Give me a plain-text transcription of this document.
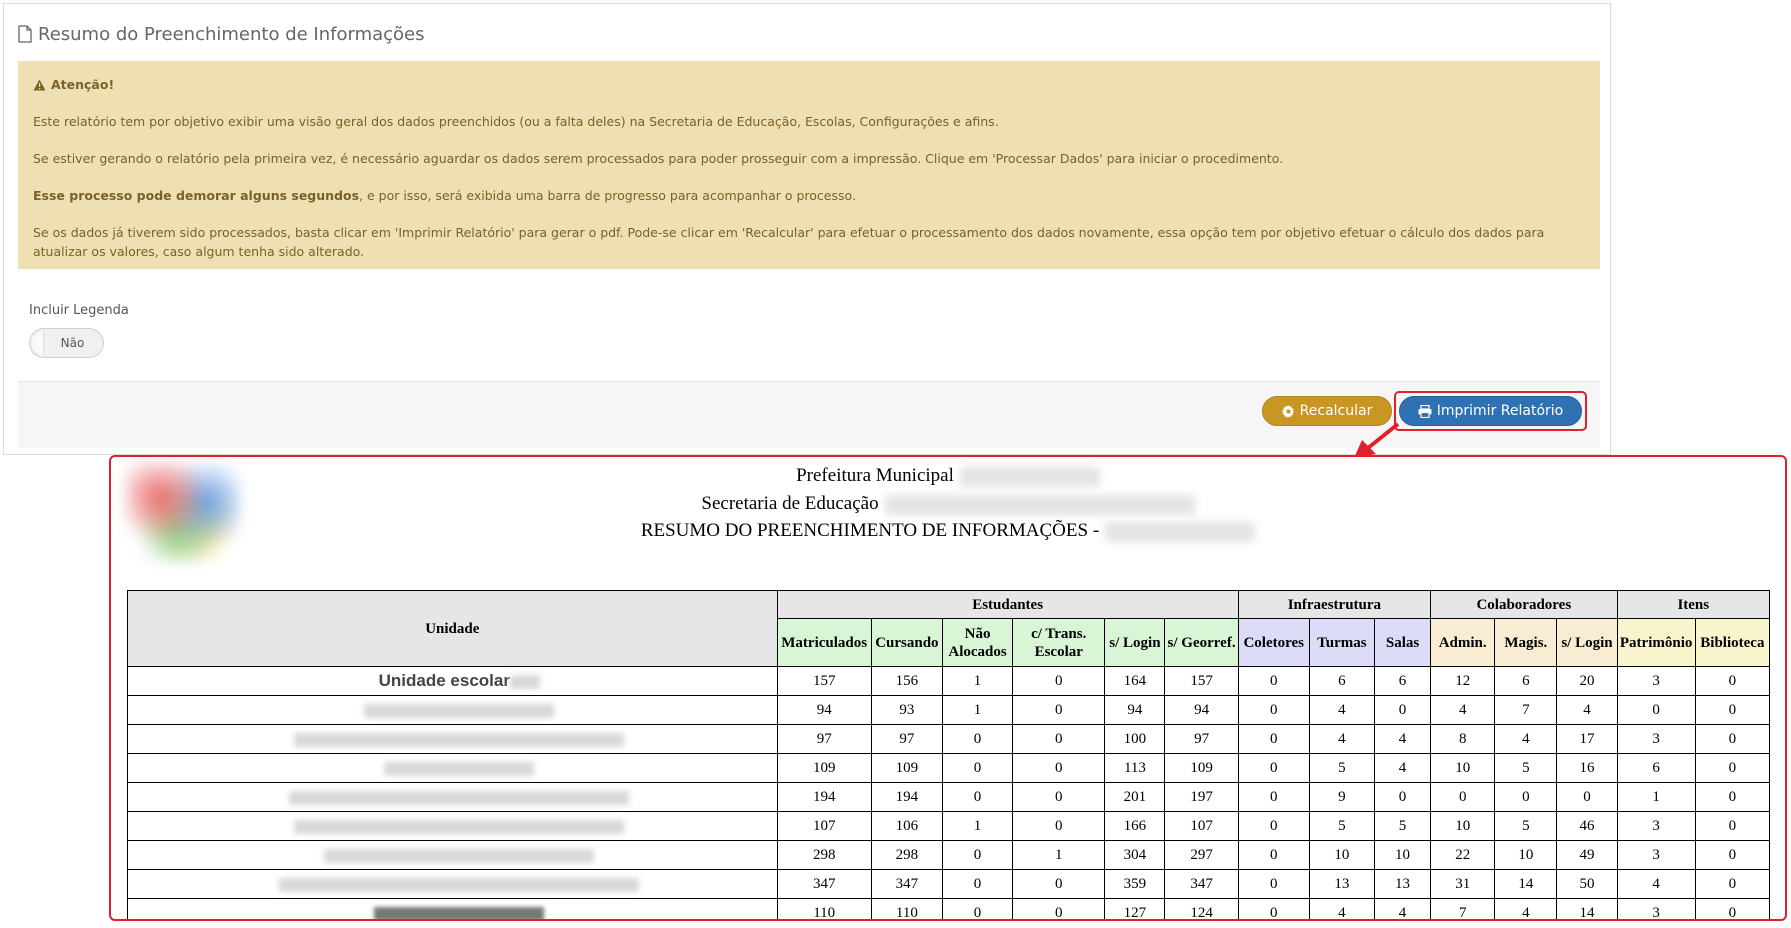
Resumo do Preenchimento de Informações
Atenção!

Este relatório tem por objetivo exibir uma visão geral dos dados preenchidos (ou a falta deles) na Secretaria de Educação, Escolas, Configurações e afins.

Se estiver gerando o relatório pela primeira vez, é necessário aguardar os dados serem processados para poder prosseguir com a impressão. Clique em 'Processar Dados' para iniciar o procedimento.

Esse processo pode demorar alguns segundos, e por isso, será exibida uma barra de progresso para acompanhar o processo.

Se os dados já tiverem sido processados, basta clicar em 'Imprimir Relatório' para gerar o pdf. Pode-se clicar em 'Recalcular' para efetuar o processamento dos dados novamente, essa opção tem por objetivo efetuar o cálculo dos dados para atualizar os valores, caso algum tenha sido alterado.

Incluir Legenda
Não
Recalcular	Imprimir Relatório
Prefeitura Municipal
Secretaria de Educação
RESUMO DO PREENCHIMENTO DE INFORMAÇÕES -
Unidade	Estudantes						Infraestrutura			Colaboradores			Itens	
	Matriculados	Cursando	Não Alocados	c/ Trans. Escolar	s/ Login	s/ Georref.	Coletores	Turmas	Salas	Admin.	Magis.	s/ Login	Patrimônio	Biblioteca
Unidade escolar	157	156	1	0	164	157	0	6	6	12	6	20	3	0
	94	93	1	0	94	94	0	4	0	4	7	4	0	0
	97	97	0	0	100	97	0	4	4	8	4	17	3	0
	109	109	0	0	113	109	0	5	4	10	5	16	6	0
	194	194	0	0	201	197	0	9	0	0	0	0	1	0
	107	106	1	0	166	107	0	5	5	10	5	46	3	0
	298	298	0	1	304	297	0	10	10	22	10	49	3	0
	347	347	0	0	359	347	0	13	13	31	14	50	4	0
	110	110	0	0	127	124	0	4	4	7	4	14	3	0
